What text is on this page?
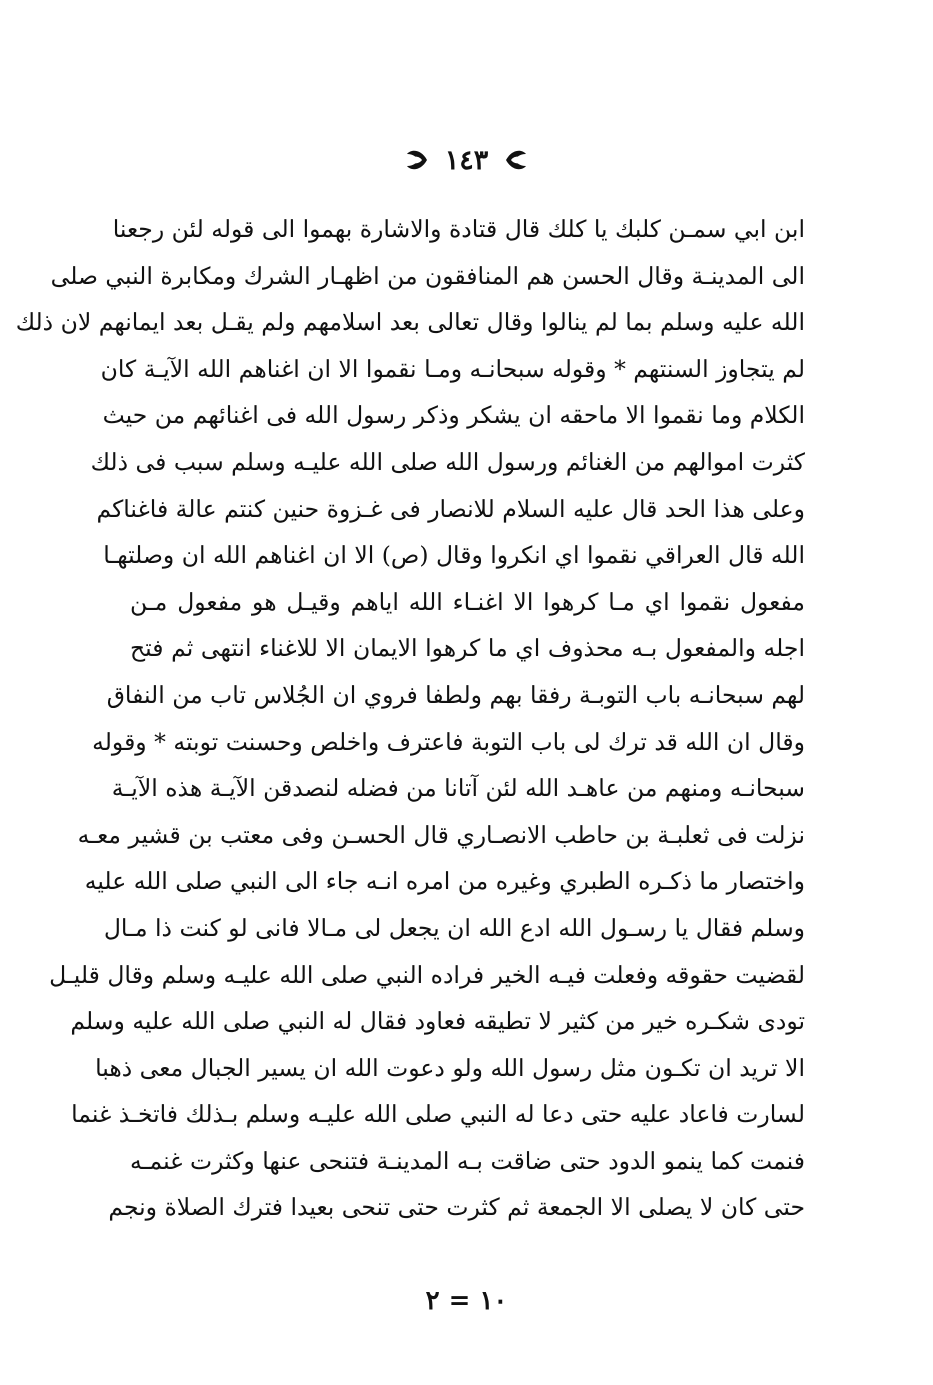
١٤٣
ابن ابي سمـن كلبك يا كلك قال قتادة والاشارة بهموا الى قوله لئن رجعنا
الى المدينـة وقال الحسن هم المنافقون من اظهـار الشرك ومكابرة النبي صلى
الله عليه وسلم بما لم ينالوا وقال تعالى بعد اسلامهم ولم يقـل بعد ايمانهم لان ذلك
لم يتجاوز السنتهم * وقوله سبحانـه ومـا نقموا الا ان اغناهم الله الآيـة كان
الكلام وما نقموا الا ماحقه ان يشكر وذكر رسول الله فى اغنائهم من حيث
كثرت اموالهم من الغنائم ورسول الله صلى الله عليـه وسلم سبب فى ذلك
وعلى هذا الحد قال عليه السلام للانصار فى غـزوة حنين كنتم عالة فاغناكم
الله قال العراقي نقموا اي انكروا وقال (ص) الا ان اغناهم الله ان وصلتهـا
مفعول نقموا اي مـا كرهوا الا اغنـاء الله اياهم وقيـل هو مفعول مـن
اجله والمفعول بـه محذوف اي ما كرهوا الايمان الا للاغناء انتهى ثم فتح
لهم سبحانـه باب التوبـة رفقا بهم ولطفا فروي ان الجُلاس تاب من النفاق
وقال ان الله قد ترك لى باب التوبة فاعترف واخلص وحسنت توبته * وقوله
سبحانـه ومنهم من عاهـد الله لئن آتانا من فضله لنصدقن الآيـة هذه الآيـة
نزلت فى ثعلبـة بن حاطب الانصـاري قال الحسـن وفى معتب بن قشير معـه
واختصار ما ذكـره الطبري وغيره من امره انـه جاء الى النبي صلى الله عليه
وسلم فقال يا رسـول الله ادع الله ان يجعل لى مـالا فانى لو كنت ذا مـال
لقضيت حقوقه وفعلت فيـه الخير فراده النبي صلى الله عليـه وسلم وقال قليـل
تودى شكـره خير من كثير لا تطيقه فعاود فقال له النبي صلى الله عليه وسلم
الا تريد ان تكـون مثل رسول الله ولو دعوت الله ان يسير الجبال معى ذهبا
لسارت فاعاد عليه حتى دعا له النبي صلى الله عليـه وسلم بـذلك فاتخـذ غنما
فنمت كما ينمو الدود حتى ضاقت بـه المدينـة فتنحى عنها وكثرت غنمـه
حتى كان لا يصلى الا الجمعة ثم كثرت حتى تنحى بعيدا فترك الصلاة ونجم
١٠ = ٢
